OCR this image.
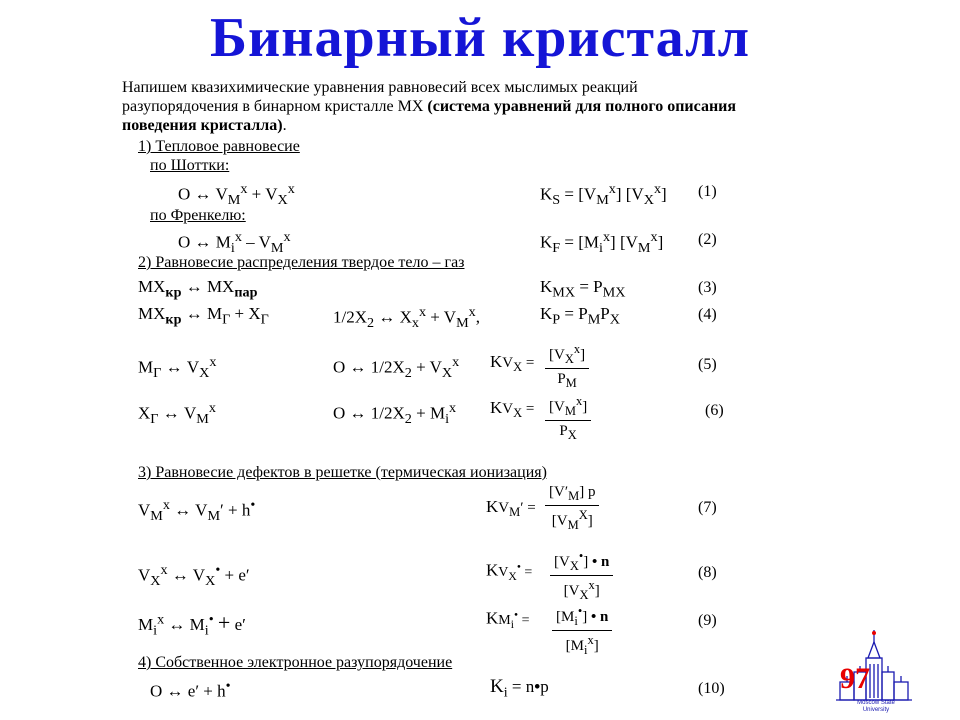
Бинарный кристалл
Напишем квазихимические уравнения равновесий всех мыслимых реакций
разупорядочения в бинарном кристалле MX (система уравнений для полного описания
поведения кристалла).
1) Тепловое равновесие
по Шоттки:
O ↔ $V_M^x + V_X^x$	$K_S = [V_M^x]$ $[V_X^x]$ (1)
по Френкелю:
O ↔ $M_i^x - V_M^x$	$K_F = [M_i^x]$ $[V_M^x]$ (2)
2) Равновесие распределения твердое тело – газ
$MX_{кр}$ ↔ $MX_{пар}$	$K_{MX} = P_{MX}$	(3)
$MX_{кр}$ ↔ $M_Г + X_Г$	$1/2X_2$ ↔ $X_x^x + V_M^x$,	$K_P = P_MP_X$	(4)
$M_Г$ ↔ $V_X^x$	O ↔ $1/2X_2 + V_X^x$ $KV_X = [V_X^x]$
$P_M$
(5)
$X_Г$ ↔ $V_M^x$	O ↔ $1/2X_2 + M_i^x$ $KV_X = [V_M^x]$
$P_X$
(6)
3) Равновесие дефектов в решетке (термическая ионизация)
$V_M^x$ ↔ $V_M' + h^•$	$KV_M'$ =
$[V'_M]$ p
$[V_M^X]$
(7)
$V_X^x$ ↔ $V_X^• + e'$	$KV_X^•$ =
$[V_X^•]$ • n
$[V_X^x]$
(8)
$M_i^x$ ↔ $M_i^• + e'$	$KM_i^• = [M_i^•]$ • n
$[M_i^x]$
(9)
4) Собственное электронное разупорядочение
O ↔ e′ + h•	$K_i$ = n•p	(10)	97
Moscow State
University
